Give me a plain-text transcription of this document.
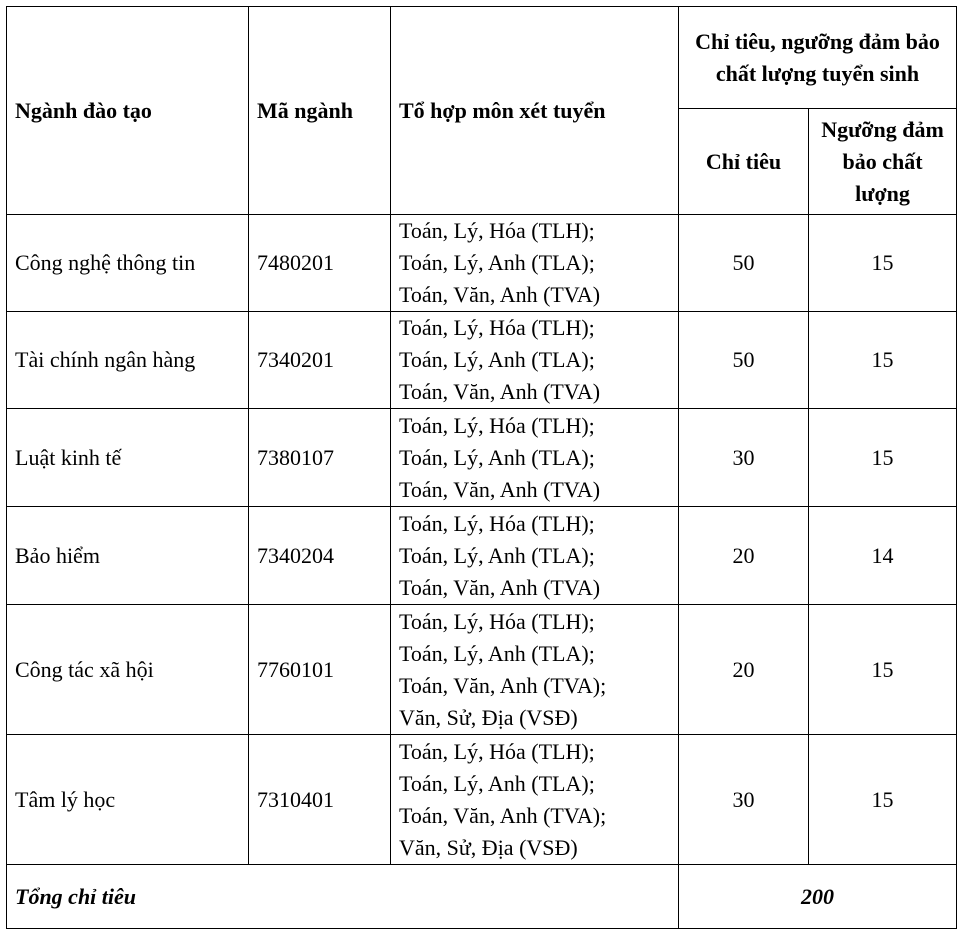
Ngành đào tạo	Mã ngành	Tổ hợp môn xét tuyển	Chỉ tiêu, ngưỡng đảm bảo chất lượng tuyển sinh	
			Chỉ tiêu	Ngưỡng đảm bảo chất lượng
Công nghệ thông tin	7480201	Toán, Lý, Hóa (TLH);
Toán, Lý, Anh (TLA);
Toán, Văn, Anh (TVA)	50	15
Tài chính ngân hàng	7340201	Toán, Lý, Hóa (TLH);
Toán, Lý, Anh (TLA);
Toán, Văn, Anh (TVA)	50	15
Luật kinh tế	7380107	Toán, Lý, Hóa (TLH);
Toán, Lý, Anh (TLA);
Toán, Văn, Anh (TVA)	30	15
Bảo hiểm	7340204	Toán, Lý, Hóa (TLH);
Toán, Lý, Anh (TLA);
Toán, Văn, Anh (TVA)	20	14
Công tác xã hội	7760101	Toán, Lý, Hóa (TLH);
Toán, Lý, Anh (TLA);
Toán, Văn, Anh (TVA);
Văn, Sử, Địa (VSĐ)	20	15
Tâm lý học	7310401	Toán, Lý, Hóa (TLH);
Toán, Lý, Anh (TLA);
Toán, Văn, Anh (TVA);
Văn, Sử, Địa (VSĐ)	30	15
Tổng chỉ tiêu			200	
